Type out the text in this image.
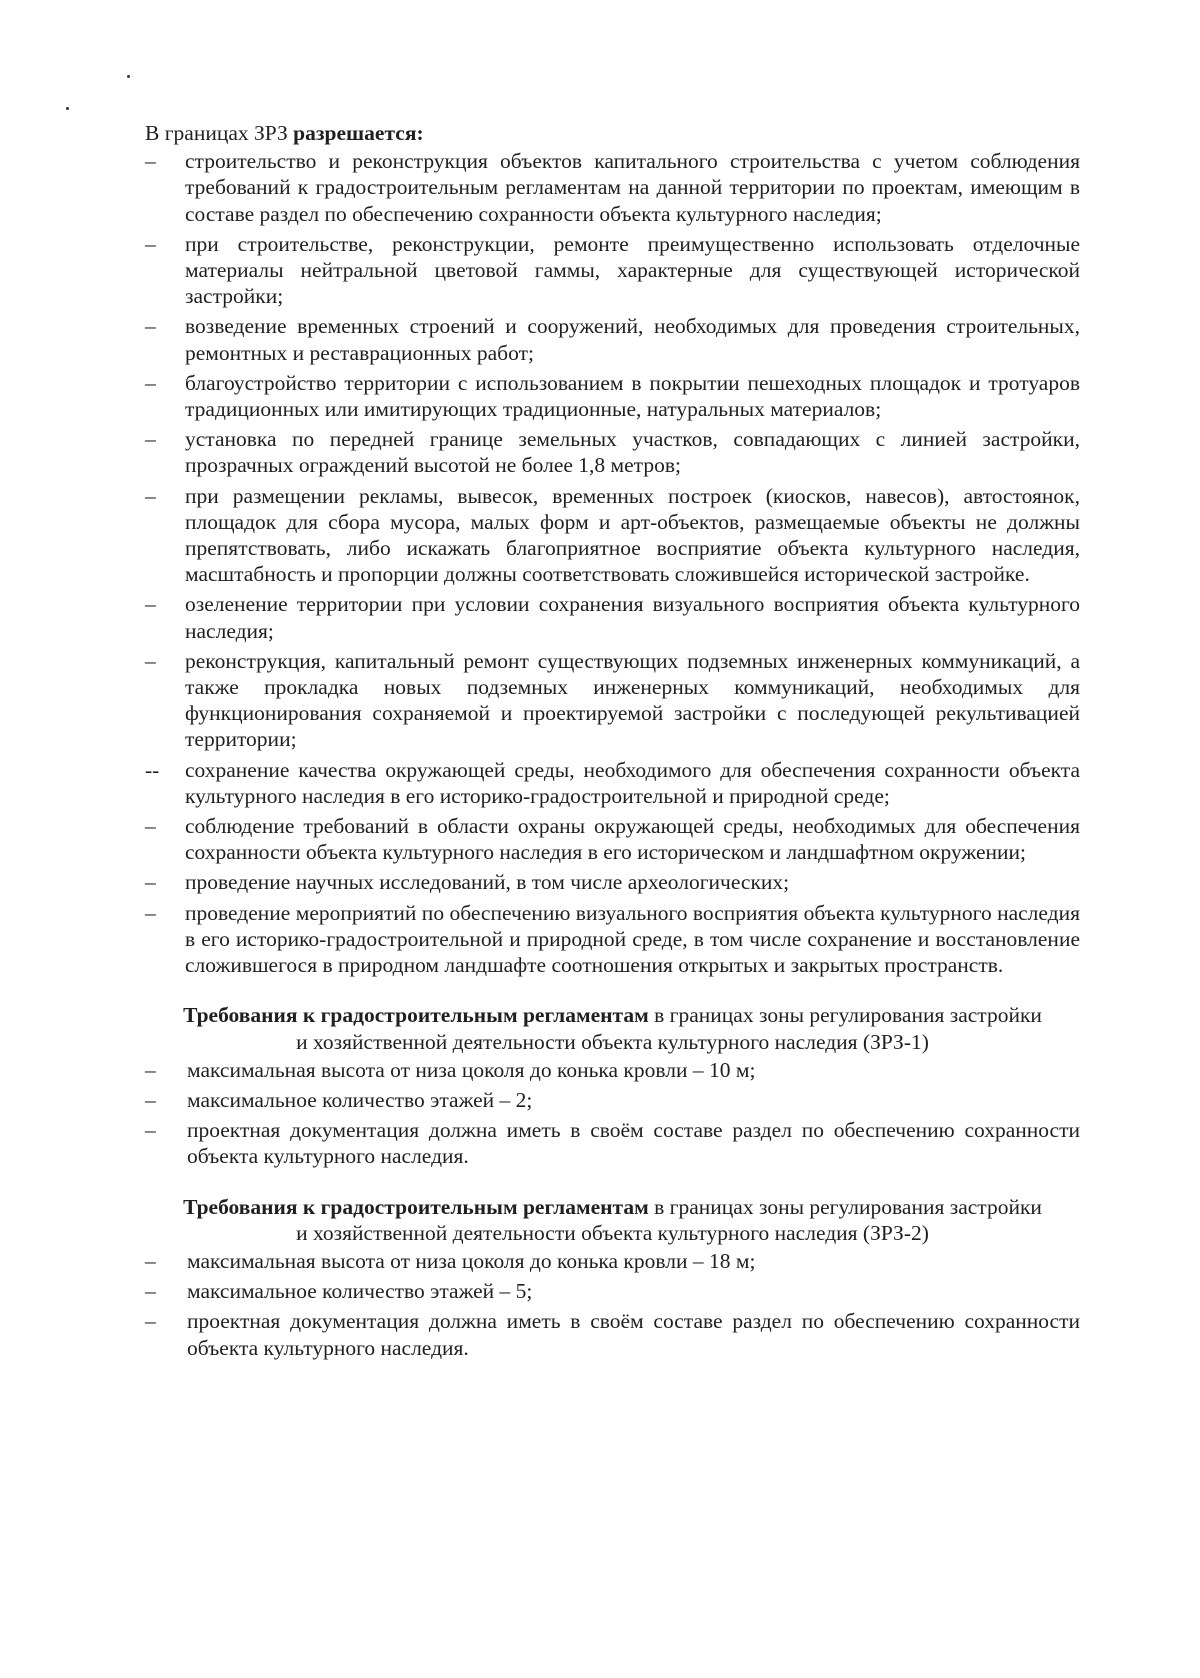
В границах ЗРЗ разрешается:

– строительство и реконструкция объектов капитального строительства с учетом соблюдения требований к градостроительным регламентам на данной территории по проектам, имеющим в составе раздел по обеспечению сохранности объекта культурного наследия;
– при строительстве, реконструкции, ремонте преимущественно использовать отделочные материалы нейтральной цветовой гаммы, характерные для существующей исторической застройки;
– возведение временных строений и сооружений, необходимых для проведения строительных, ремонтных и реставрационных работ;
– благоустройство территории с использованием в покрытии пешеходных площадок и тротуаров традиционных или имитирующих традиционные, натуральных материалов;
– установка по передней границе земельных участков, совпадающих с линией застройки, прозрачных ограждений высотой не более 1,8 метров;
– при размещении рекламы, вывесок, временных построек (киосков, навесов), автостоянок, площадок для сбора мусора, малых форм и арт-объектов, размещаемые объекты не должны препятствовать, либо искажать благоприятное восприятие объекта культурного наследия, масштабность и пропорции должны соответствовать сложившейся исторической застройке.
– озеленение территории при условии сохранения визуального восприятия объекта культурного наследия;
– реконструкция, капитальный ремонт существующих подземных инженерных коммуникаций, а также прокладка новых подземных инженерных коммуникаций, необходимых для функционирования сохраняемой и проектируемой застройки с последующей рекультивацией территории;
-- сохранение качества окружающей среды, необходимого для обеспечения сохранности объекта культурного наследия в его историко-градостроительной и природной среде;
– соблюдение требований в области охраны окружающей среды, необходимых для обеспечения сохранности объекта культурного наследия в его историческом и ландшафтном окружении;
– проведение научных исследований, в том числе археологических;
– проведение мероприятий по обеспечению визуального восприятия объекта культурного наследия в его историко-градостроительной и природной среде, в том числе сохранение и восстановление сложившегося в природном ландшафте соотношения открытых и закрытых пространств.

Требования к градостроительным регламентам в границах зоны регулирования застройки
и хозяйственной деятельности объекта культурного наследия (ЗРЗ-1)

– максимальная высота от низа цоколя до конька кровли – 10 м;
– максимальное количество этажей – 2;
– проектная документация должна иметь в своём составе раздел по обеспечению сохранности объекта культурного наследия.

Требования к градостроительным регламентам в границах зоны регулирования застройки
и хозяйственной деятельности объекта культурного наследия (ЗРЗ-2)

– максимальная высота от низа цоколя до конька кровли – 18 м;
– максимальное количество этажей – 5;
– проектная документация должна иметь в своём составе раздел по обеспечению сохранности объекта культурного наследия.
